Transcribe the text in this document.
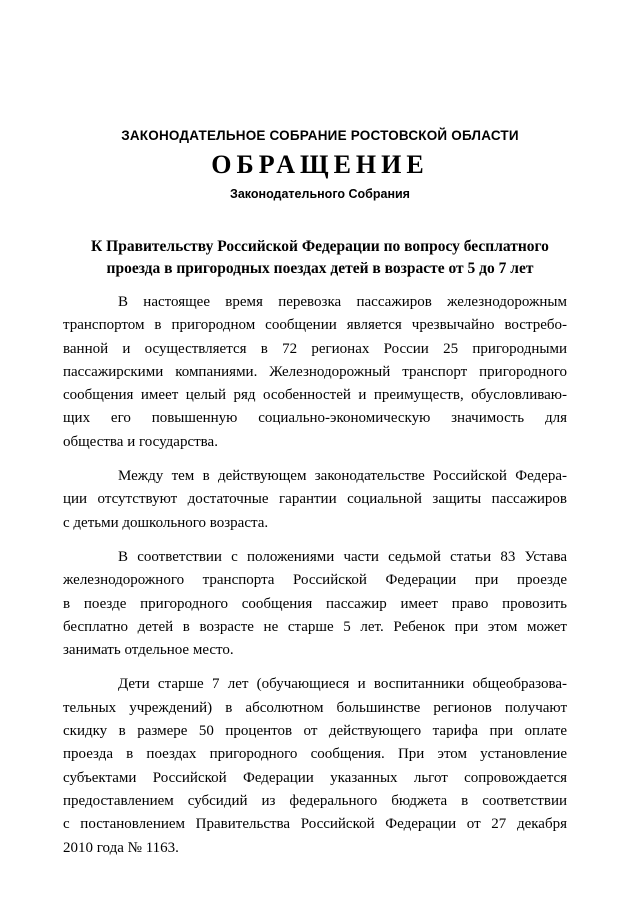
ЗАКОНОДАТЕЛЬНОЕ СОБРАНИЕ РОСТОВСКОЙ ОБЛАСТИ
ОБРАЩЕНИЕ
Законодательного Собрания
К Правительству Российской Федерации по вопросу бесплатного
проезда в пригородных поездах детей в возрасте от 5 до 7 лет
В настоящее время перевозка пассажиров железнодорожным
транспортом в пригородном сообщении является чрезвычайно востребо-
ванной и осуществляется в 72 регионах России 25 пригородными
пассажирскими компаниями. Железнодорожный транспорт пригородного
сообщения имеет целый ряд особенностей и преимуществ, обусловливаю-
щих его повышенную социально-экономическую значимость для
общества и государства.
Между тем в действующем законодательстве Российской Федера-
ции отсутствуют достаточные гарантии социальной защиты пассажиров
с детьми дошкольного возраста.
В соответствии с положениями части седьмой статьи 83 Устава
железнодорожного транспорта Российской Федерации при проезде
в поезде пригородного сообщения пассажир имеет право провозить
бесплатно детей в возрасте не старше 5 лет. Ребенок при этом может
занимать отдельное место.
Дети старше 7 лет (обучающиеся и воспитанники общеобразова-
тельных учреждений) в абсолютном большинстве регионов получают
скидку в размере 50 процентов от действующего тарифа при оплате
проезда в поездах пригородного сообщения. При этом установление
субъектами Российской Федерации указанных льгот сопровождается
предоставлением субсидий из федерального бюджета в соответствии
с постановлением Правительства Российской Федерации от 27 декабря
2010 года № 1163.
